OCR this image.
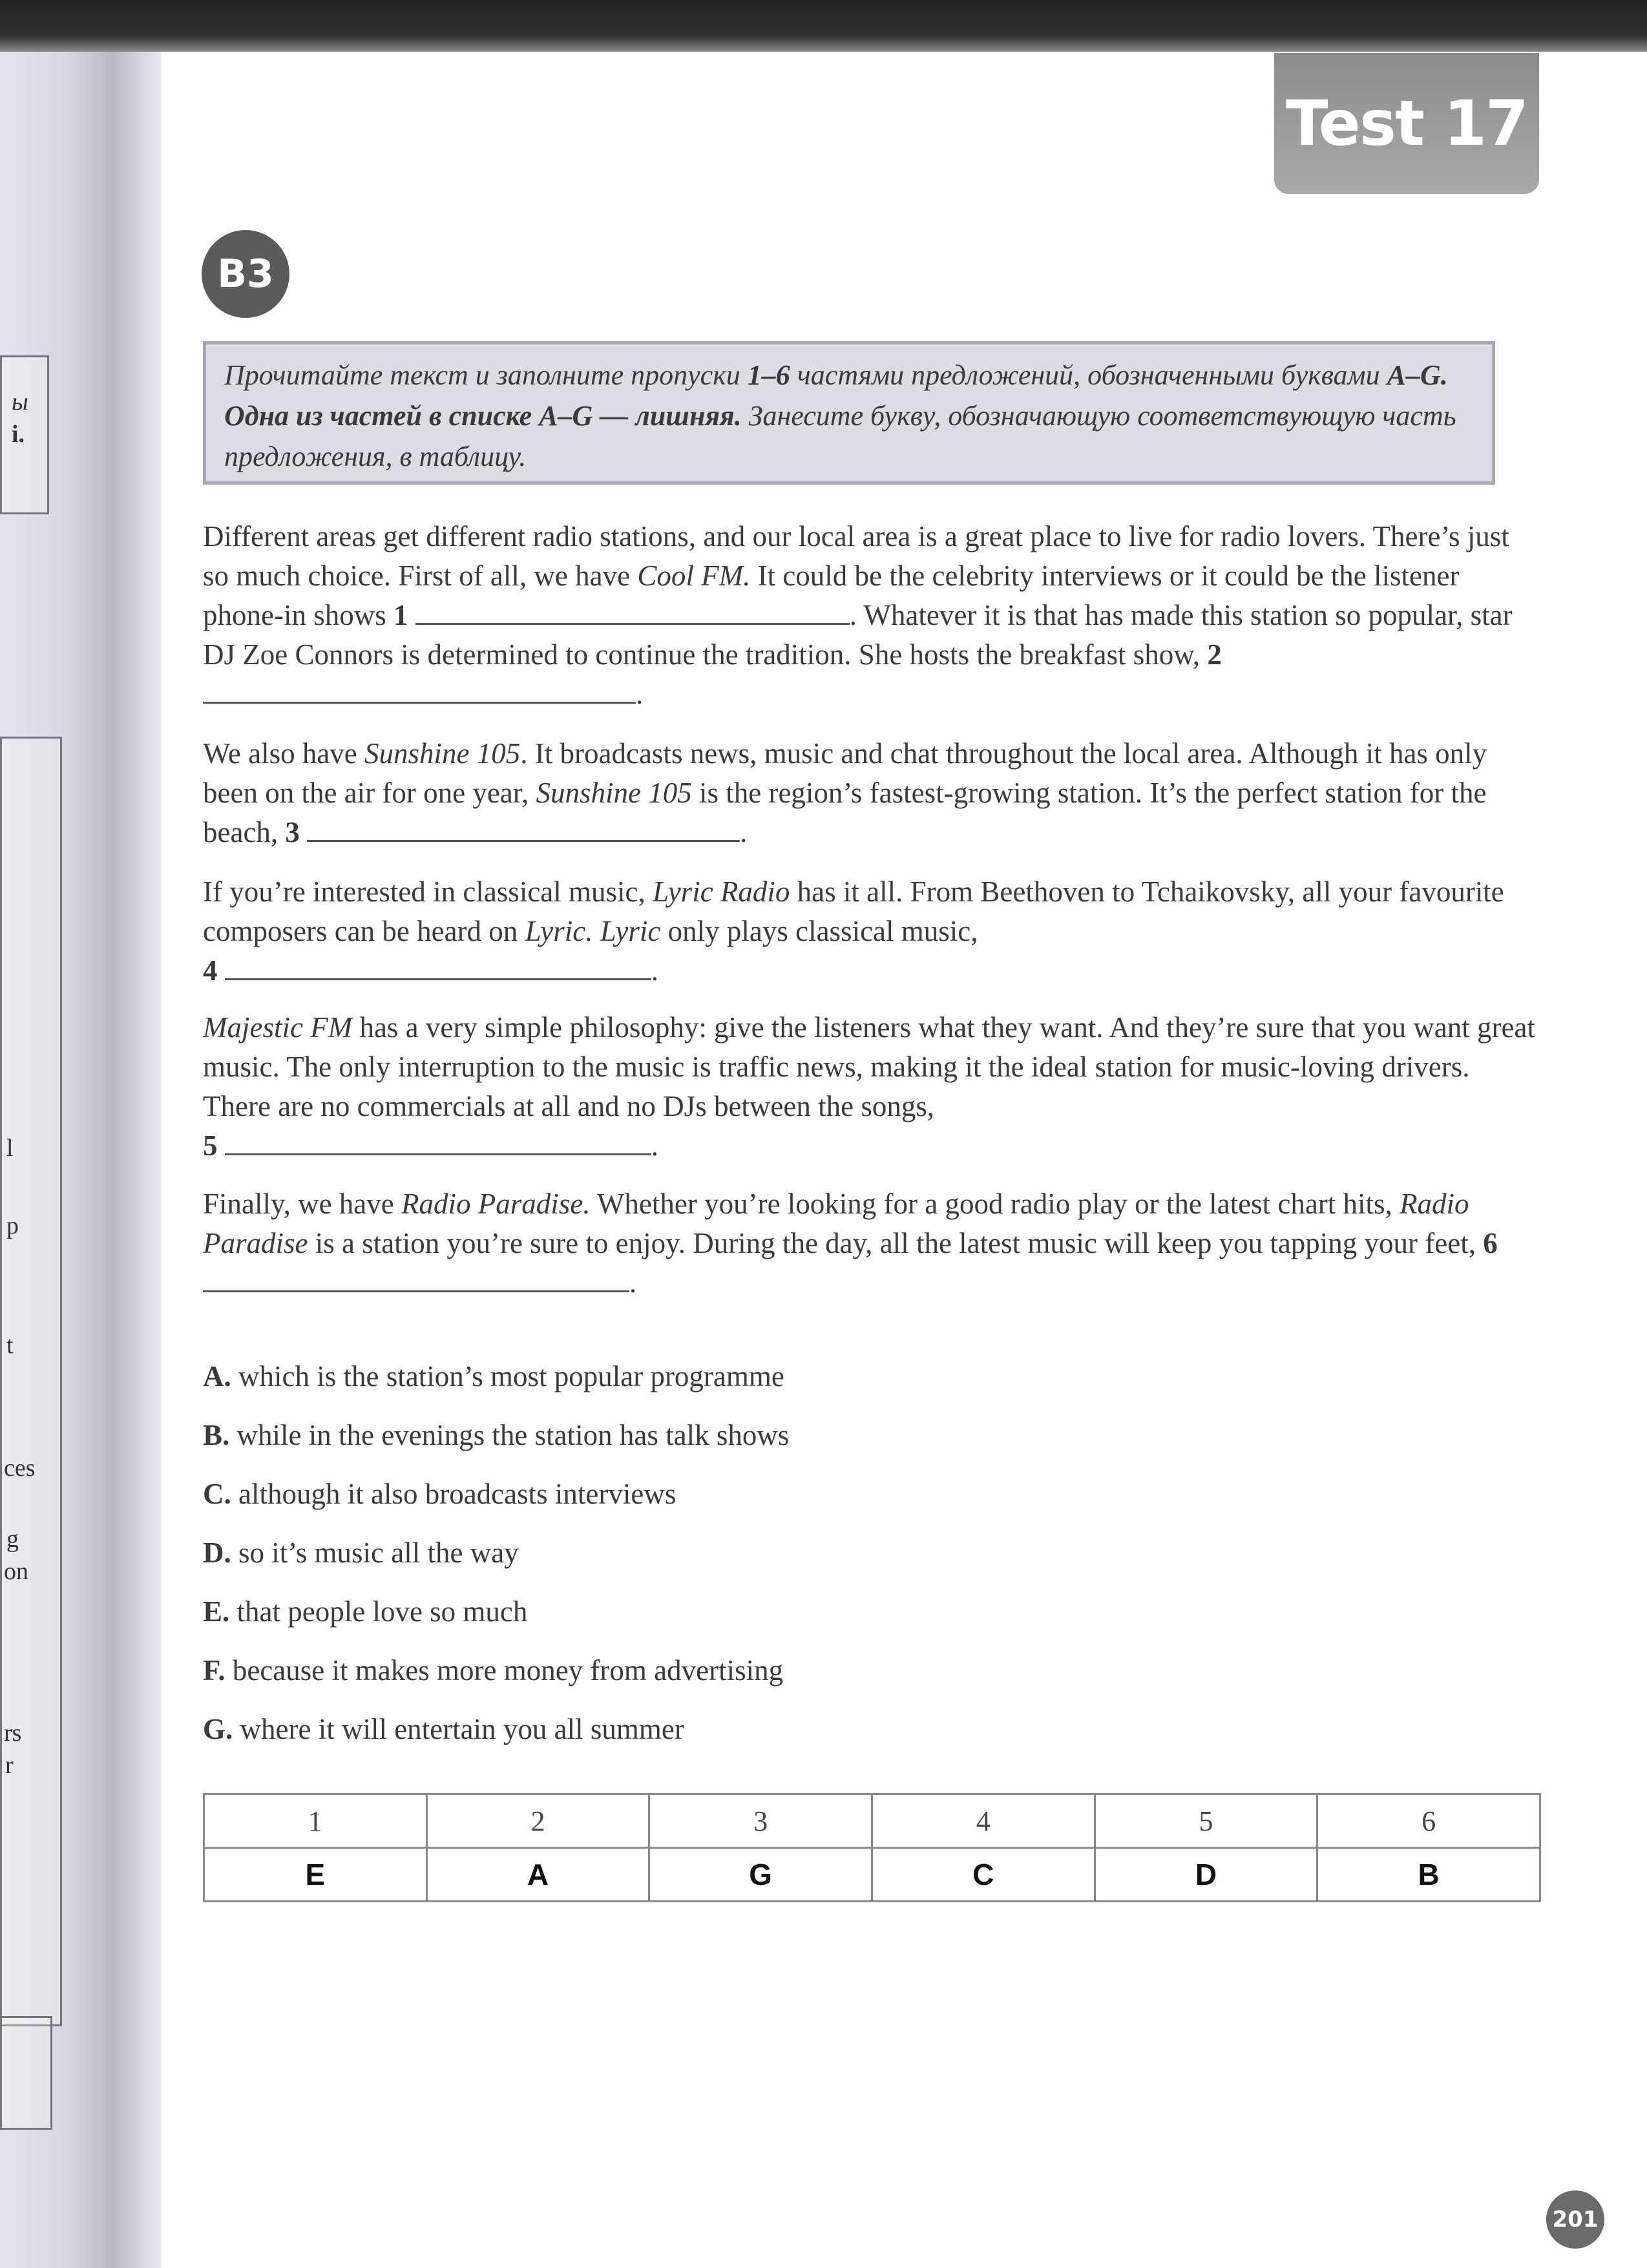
ы
і.
l
p
t
ces
g
on
rs
r
Test 17
B3
Прочитайте текст и заполните пропуски 1–6 частями предложений, обозначенными буквами A–G. Одна из частей в списке A–G — лишняя. Занесите букву, обозначающую соответствующую часть предложения, в таблицу.
Different areas get different radio stations, and our local area is a great place to live for radio lovers. There’s just so much choice. First of all, we have Cool FM. It could be the celebrity interviews or it could be the listener phone-in shows 1	. Whatever it is that has made this station so popular, star DJ Zoe Connors is determined to continue the tradition. She hosts the breakfast show, 2 .
We also have Sunshine 105. It broadcasts news, music and chat throughout the local area. Although it has only been on the air for one year, Sunshine 105 is the region’s fastest-growing station. It’s the perfect station for the beach, 3	.
If you’re interested in classical music, Lyric Radio has it all. From Beethoven to Tchaikovsky, all your favourite composers can be heard on Lyric. Lyric only plays classical music,
4	.
Majestic FM has a very simple philosophy: give the listeners what they want. And they’re sure that you want great music. The only interruption to the music is traffic news, making it the ideal station for music-loving drivers. There are no commercials at all and no DJs between the songs,
5	.
Finally, we have Radio Paradise. Whether you’re looking for a good radio play or the latest chart hits, Radio Paradise is a station you’re sure to enjoy. During the day, all the latest music will keep you tapping your feet, 6 .
A. which is the station’s most popular programme
B. while in the evenings the station has talk shows
C. although it also broadcasts interviews
D. so it’s music all the way
E. that people love so much
F. because it makes more money from advertising
G. where it will entertain you all summer
1	2	3	4	5	6
E	A	G	C	D	B
201
